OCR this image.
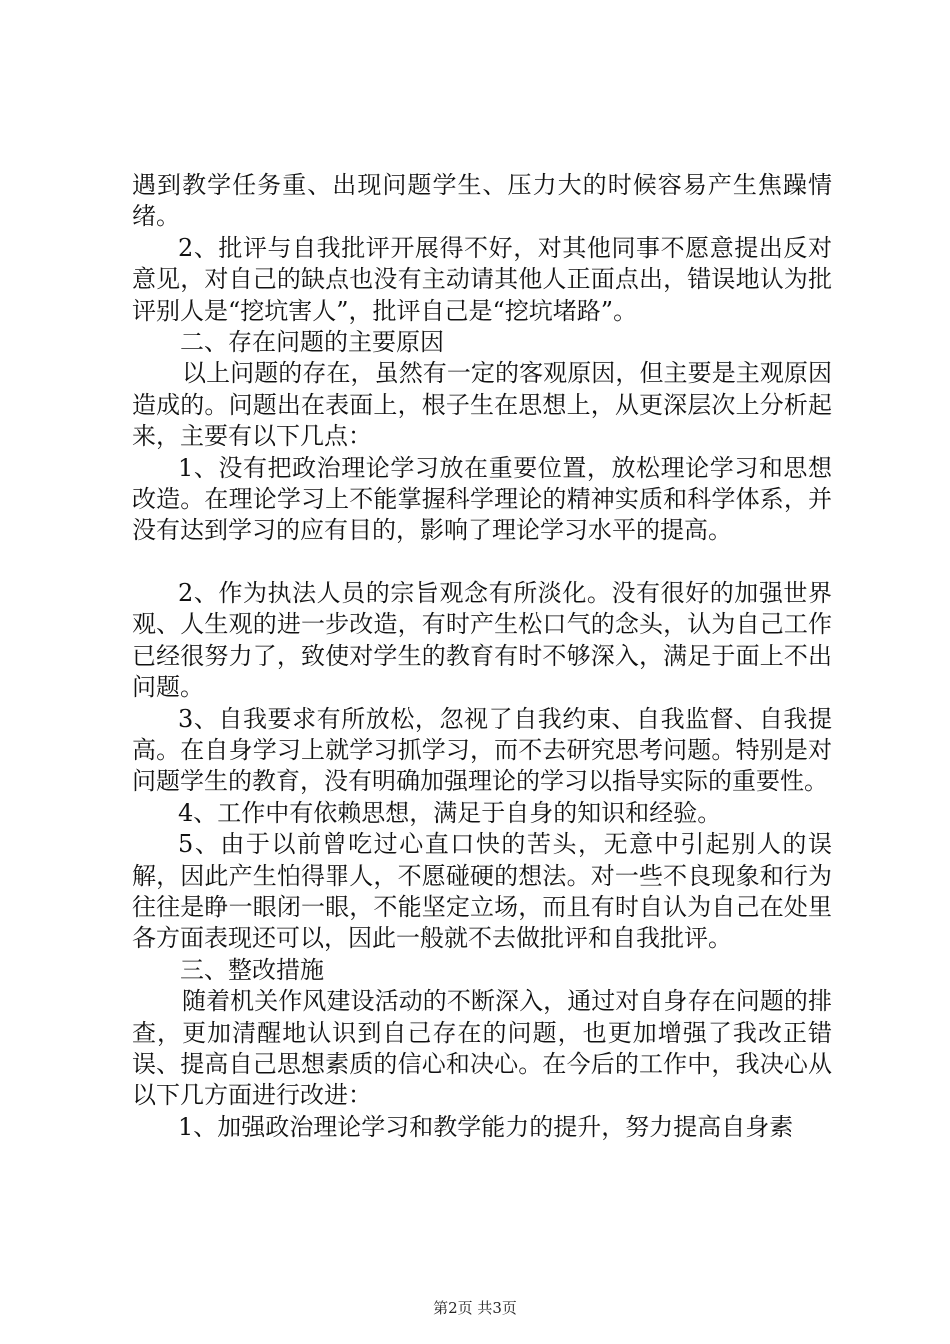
遇到教学任务重、出现问题学生、压力大的时候容易产生焦躁情绪。

2、批评与自我批评开展得不好，对其他同事不愿意提出反对意见，对自己的缺点也没有主动请其他人正面点出，错误地认为批评别人是“挖坑害人”，批评自己是“挖坑堵路”。

二、存在问题的主要原因

以上问题的存在，虽然有一定的客观原因，但主要是主观原因造成的。问题出在表面上，根子生在思想上，从更深层次上分析起来，主要有以下几点：

1、没有把政治理论学习放在重要位置，放松理论学习和思想改造。在理论学习上不能掌握科学理论的精神实质和科学体系，并没有达到学习的应有目的，影响了理论学习水平的提高。

2、作为执法人员的宗旨观念有所淡化。没有很好的加强世界观、人生观的进一步改造，有时产生松口气的念头，认为自己工作已经很努力了，致使对学生的教育有时不够深入，满足于面上不出问题。

3、自我要求有所放松，忽视了自我约束、自我监督、自我提高。在自身学习上就学习抓学习，而不去研究思考问题。特别是对问题学生的教育，没有明确加强理论的学习以指导实际的重要性。

4、工作中有依赖思想，满足于自身的知识和经验。

5、由于以前曾吃过心直口快的苦头，无意中引起别人的误解，因此产生怕得罪人，不愿碰硬的想法。对一些不良现象和行为往往是睁一眼闭一眼，不能坚定立场，而且有时自认为自己在处里各方面表现还可以，因此一般就不去做批评和自我批评。

三、整改措施

随着机关作风建设活动的不断深入，通过对自身存在问题的排查，更加清醒地认识到自己存在的问题，也更加增强了我改正错误、提高自己思想素质的信心和决心。在今后的工作中，我决心从以下几方面进行改进：

1、加强政治理论学习和教学能力的提升，努力提高自身素

第2页 共3页
